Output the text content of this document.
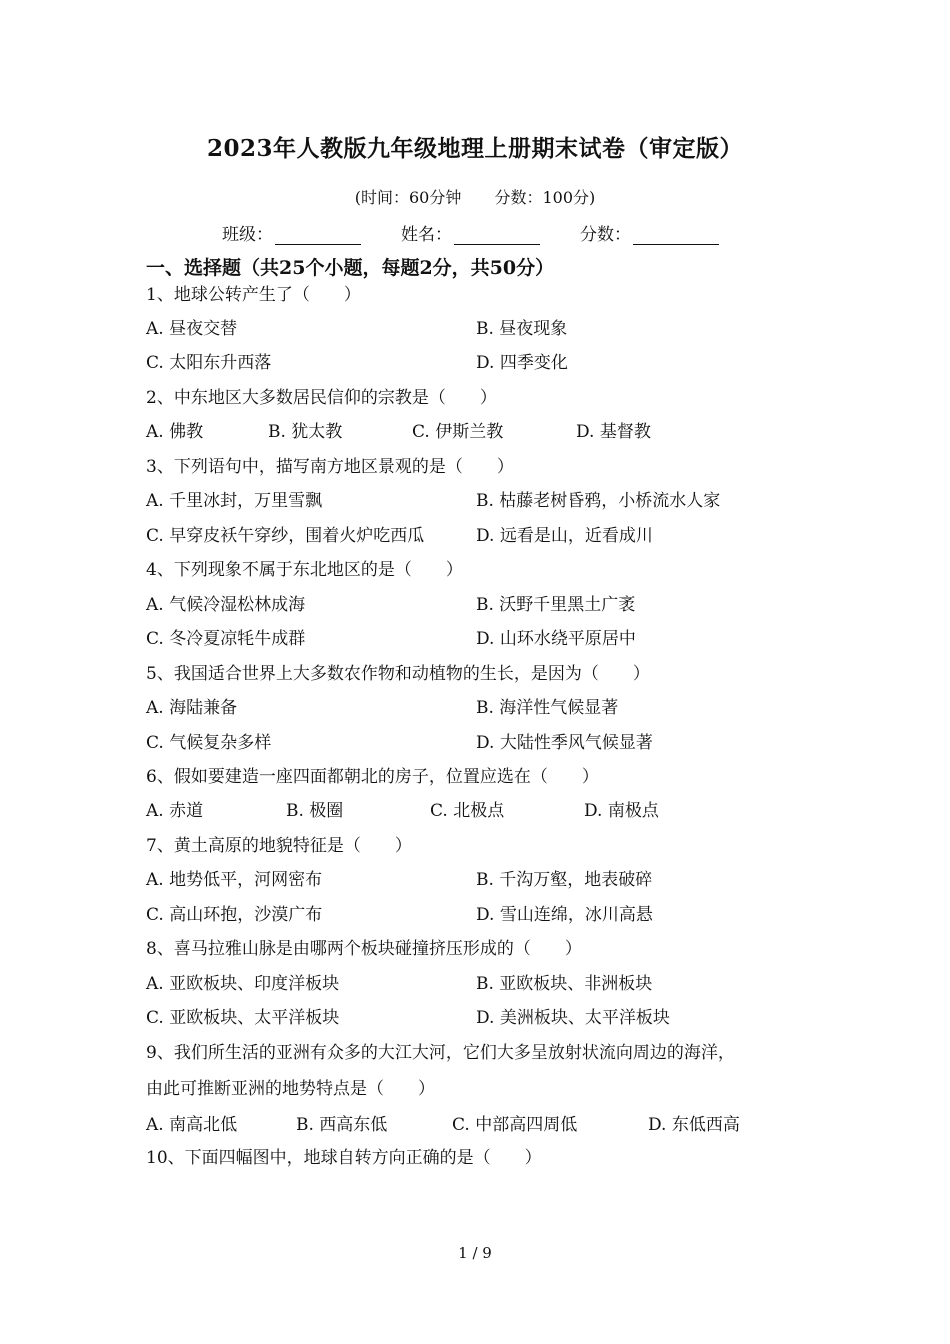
2023年人教版九年级地理上册期末试卷（审定版）
(时间：60分钟 分数：100分)
班级：	姓名：	分数：
一、选择题（共25个小题，每题2分，共50分）
1、地球公转产生了（　　）
A. 昼夜交替	B. 昼夜现象
C. 太阳东升西落	D. 四季变化
2、中东地区大多数居民信仰的宗教是（　　）
A. 佛教	B. 犹太教	C. 伊斯兰教	D. 基督教
3、下列语句中，描写南方地区景观的是（　　）
A. 千里冰封，万里雪飘	B. 枯藤老树昏鸦，小桥流水人家
C. 早穿皮袄午穿纱，围着火炉吃西瓜	D. 远看是山，近看成川
4、下列现象不属于东北地区的是（　　）
A. 气候冷湿松林成海	B. 沃野千里黑土广袤
C. 冬冷夏凉牦牛成群	D. 山环水绕平原居中
5、我国适合世界上大多数农作物和动植物的生长，是因为（　　）
A. 海陆兼备	B. 海洋性气候显著
C. 气候复杂多样	D. 大陆性季风气候显著
6、假如要建造一座四面都朝北的房子，位置应选在（　　）
A. 赤道	B. 极圈	C. 北极点	D. 南极点
7、黄土高原的地貌特征是（　　）
A. 地势低平，河网密布	B. 千沟万壑，地表破碎
C. 高山环抱，沙漠广布	D. 雪山连绵，冰川高悬
8、喜马拉雅山脉是由哪两个板块碰撞挤压形成的（　　）
A. 亚欧板块、印度洋板块	B. 亚欧板块、非洲板块
C. 亚欧板块、太平洋板块	D. 美洲板块、太平洋板块
9、我们所生活的亚洲有众多的大江大河，它们大多呈放射状流向周边的海洋，
由此可推断亚洲的地势特点是（　　）
A. 南高北低	B. 西高东低	C. 中部高四周低	D. 东低西高
10、下面四幅图中，地球自转方向正确的是（　　）
1 / 9
